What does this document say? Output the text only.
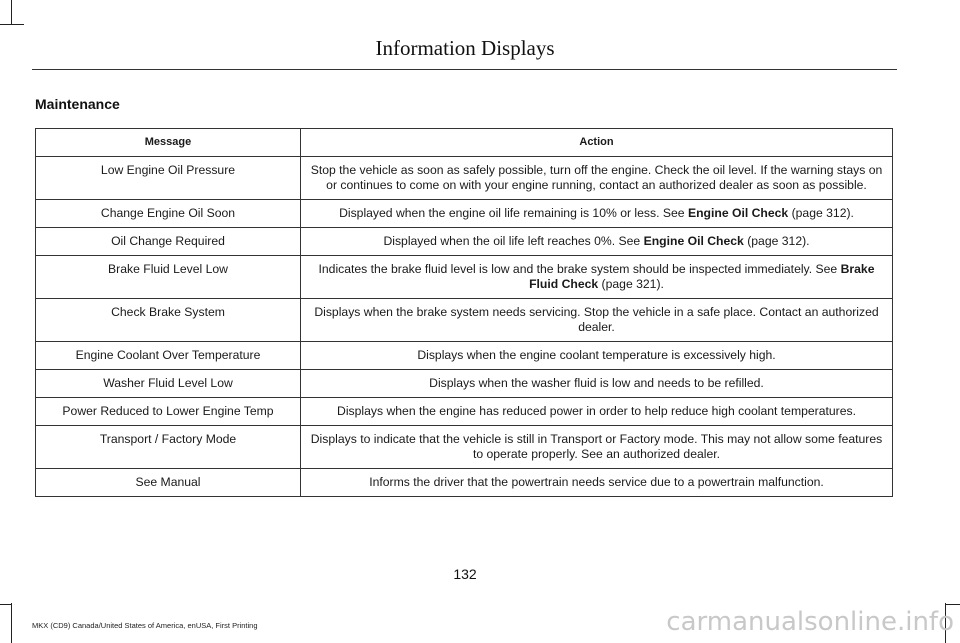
Information Displays
Maintenance
Message	Action
Low Engine Oil Pressure	Stop the vehicle as soon as safely possible, turn off the engine. Check the oil level. If the warning stays on or continues to come on with your engine running, contact an authorized dealer as soon as possible.
Change Engine Oil Soon	Displayed when the engine oil life remaining is 10% or less. See Engine Oil Check (page 312).
Oil Change Required	Displayed when the oil life left reaches 0%. See Engine Oil Check (page 312).
Brake Fluid Level Low	Indicates the brake fluid level is low and the brake system should be inspected immediately. See Brake Fluid Check (page 321).
Check Brake System	Displays when the brake system needs servicing. Stop the vehicle in a safe place. Contact an authorized dealer.
Engine Coolant Over Temperature	Displays when the engine coolant temperature is excessively high.
Washer Fluid Level Low	Displays when the washer fluid is low and needs to be refilled.
Power Reduced to Lower Engine Temp	Displays when the engine has reduced power in order to help reduce high coolant temperatures.
Transport / Factory Mode	Displays to indicate that the vehicle is still in Transport or Factory mode. This may not allow some features to operate properly. See an authorized dealer.
See Manual	Informs the driver that the powertrain needs service due to a powertrain malfunction.
132
MKX (CD9) Canada/United States of America, enUSA, First Printing	carmanualsonline.info
